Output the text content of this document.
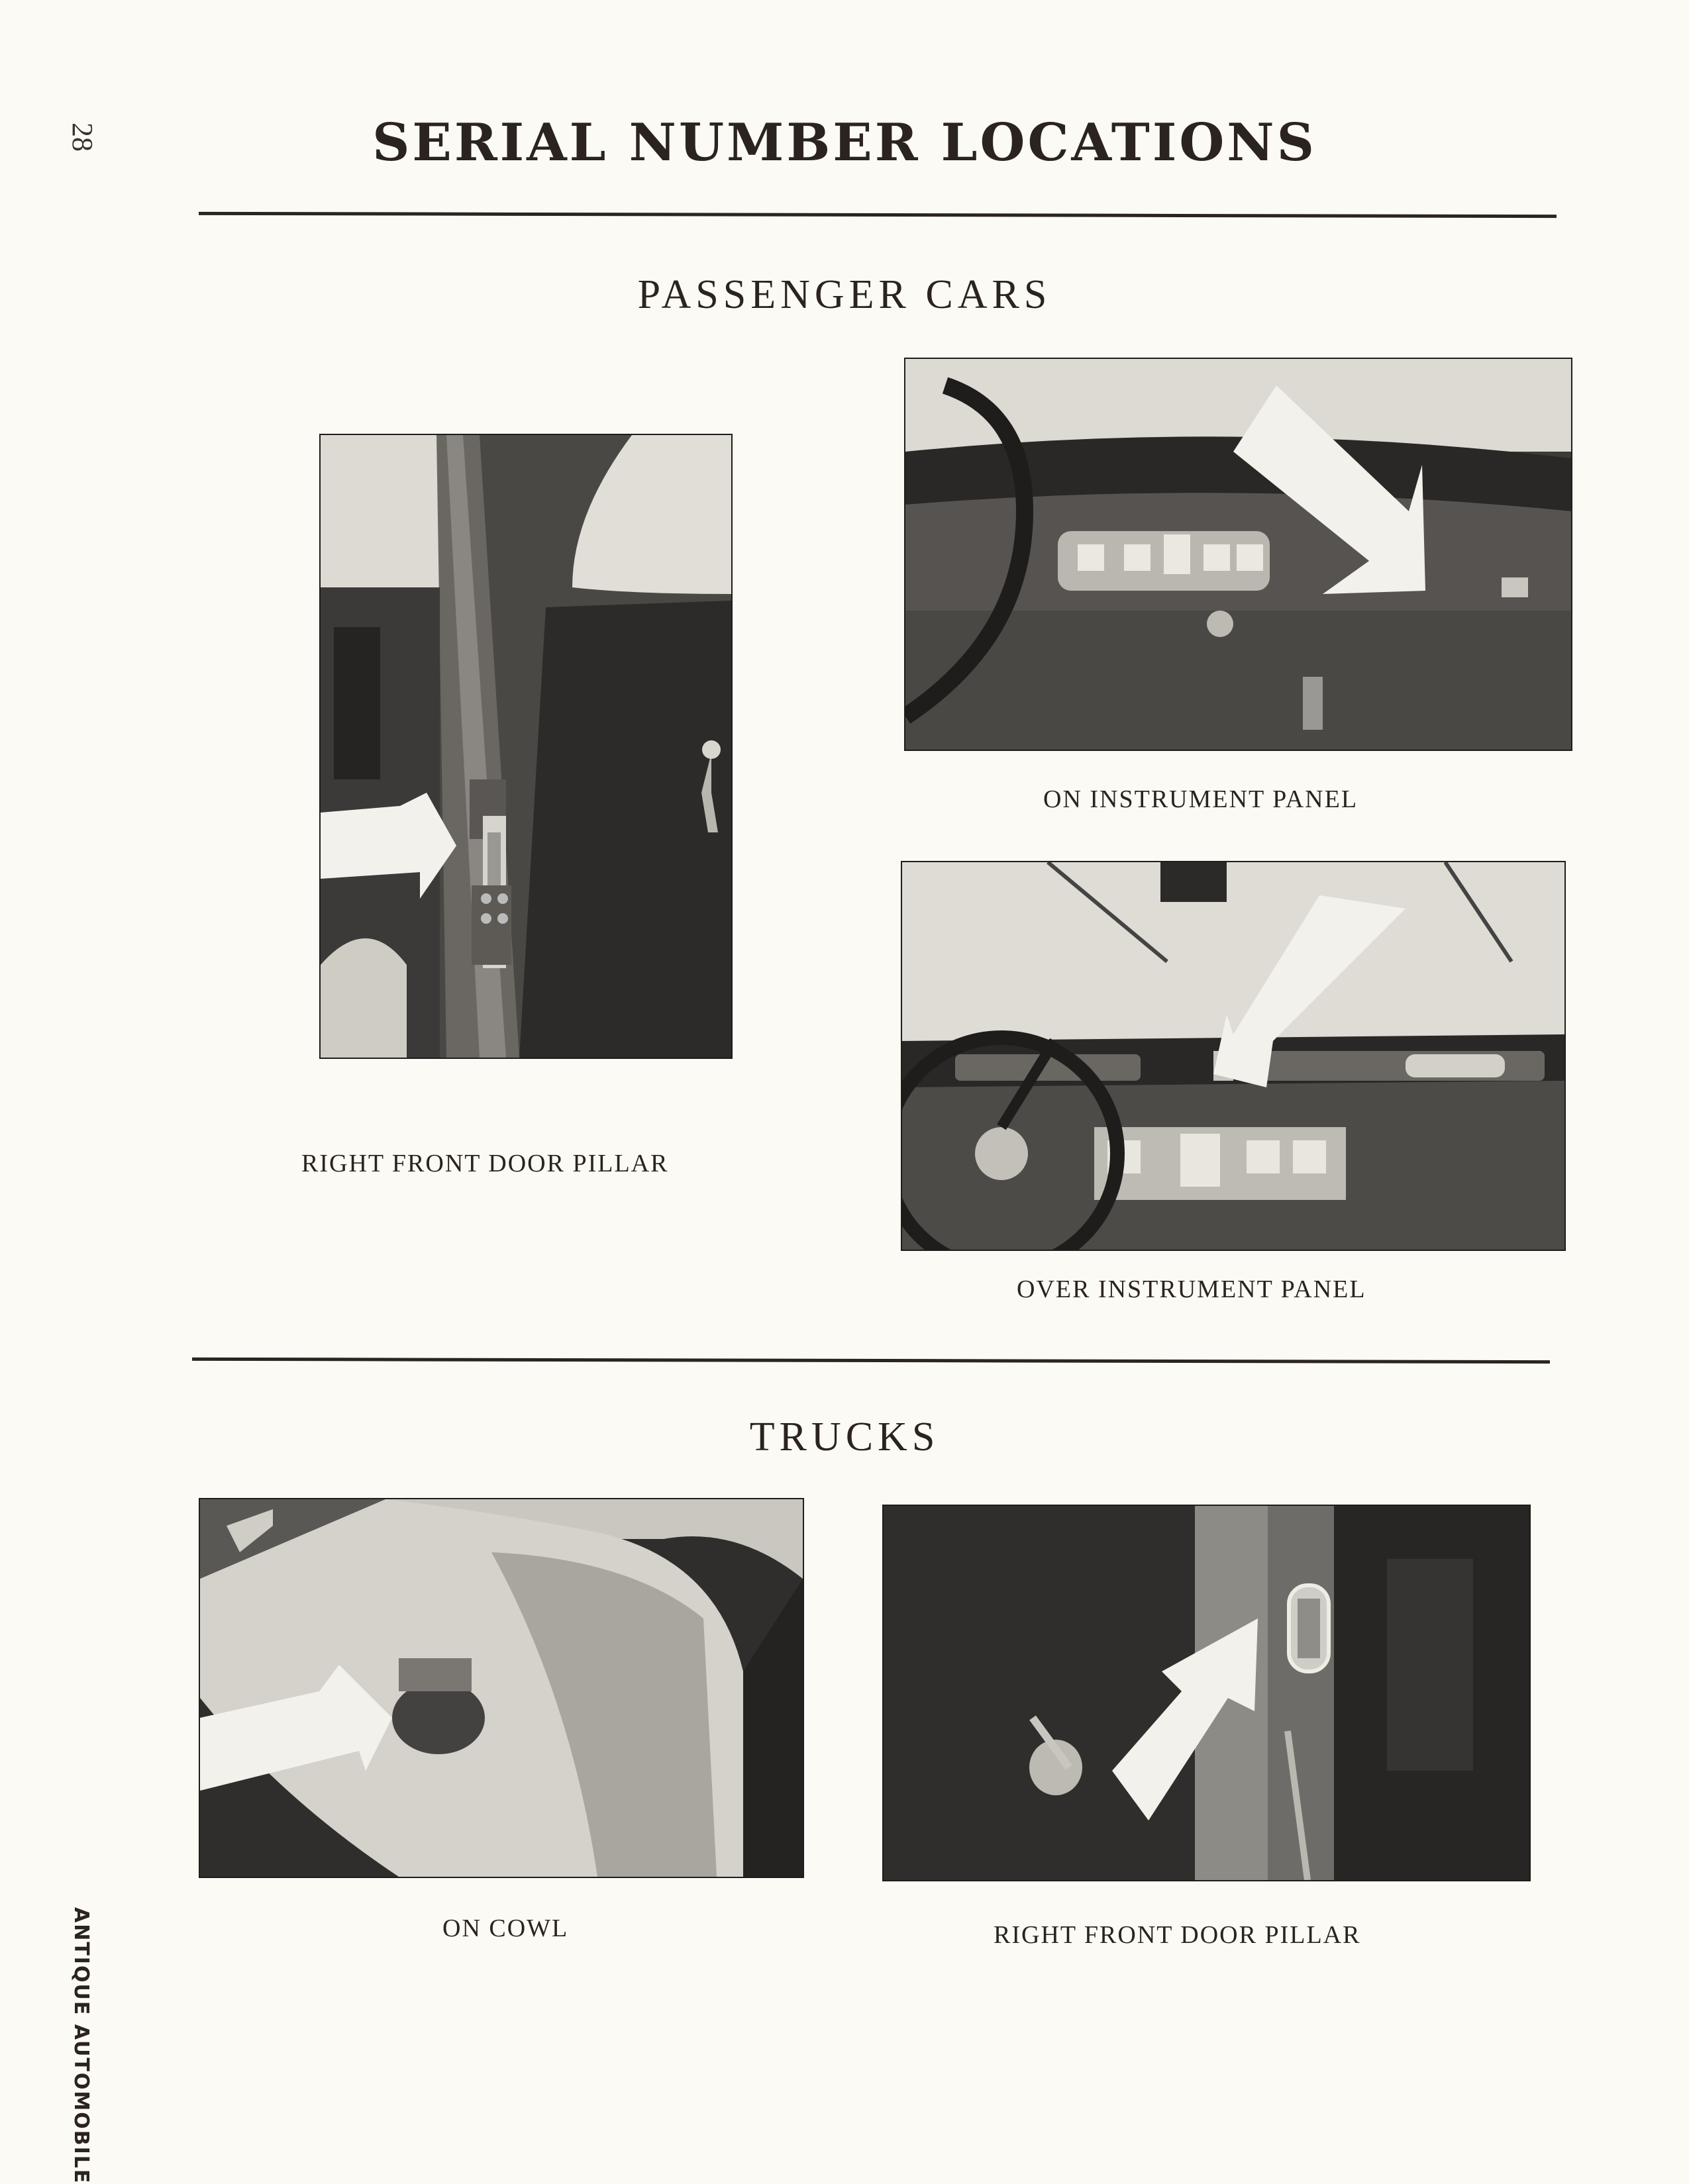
28	SERIAL NUMBER LOCATIONS
PASSENGER CARS
RIGHT FRONT DOOR PILLAR
ON INSTRUMENT PANEL
OVER INSTRUMENT PANEL
TRUCKS
ON COWL	RIGHT FRONT DOOR PILLAR
ANTIQUE AUTOMOBILE
